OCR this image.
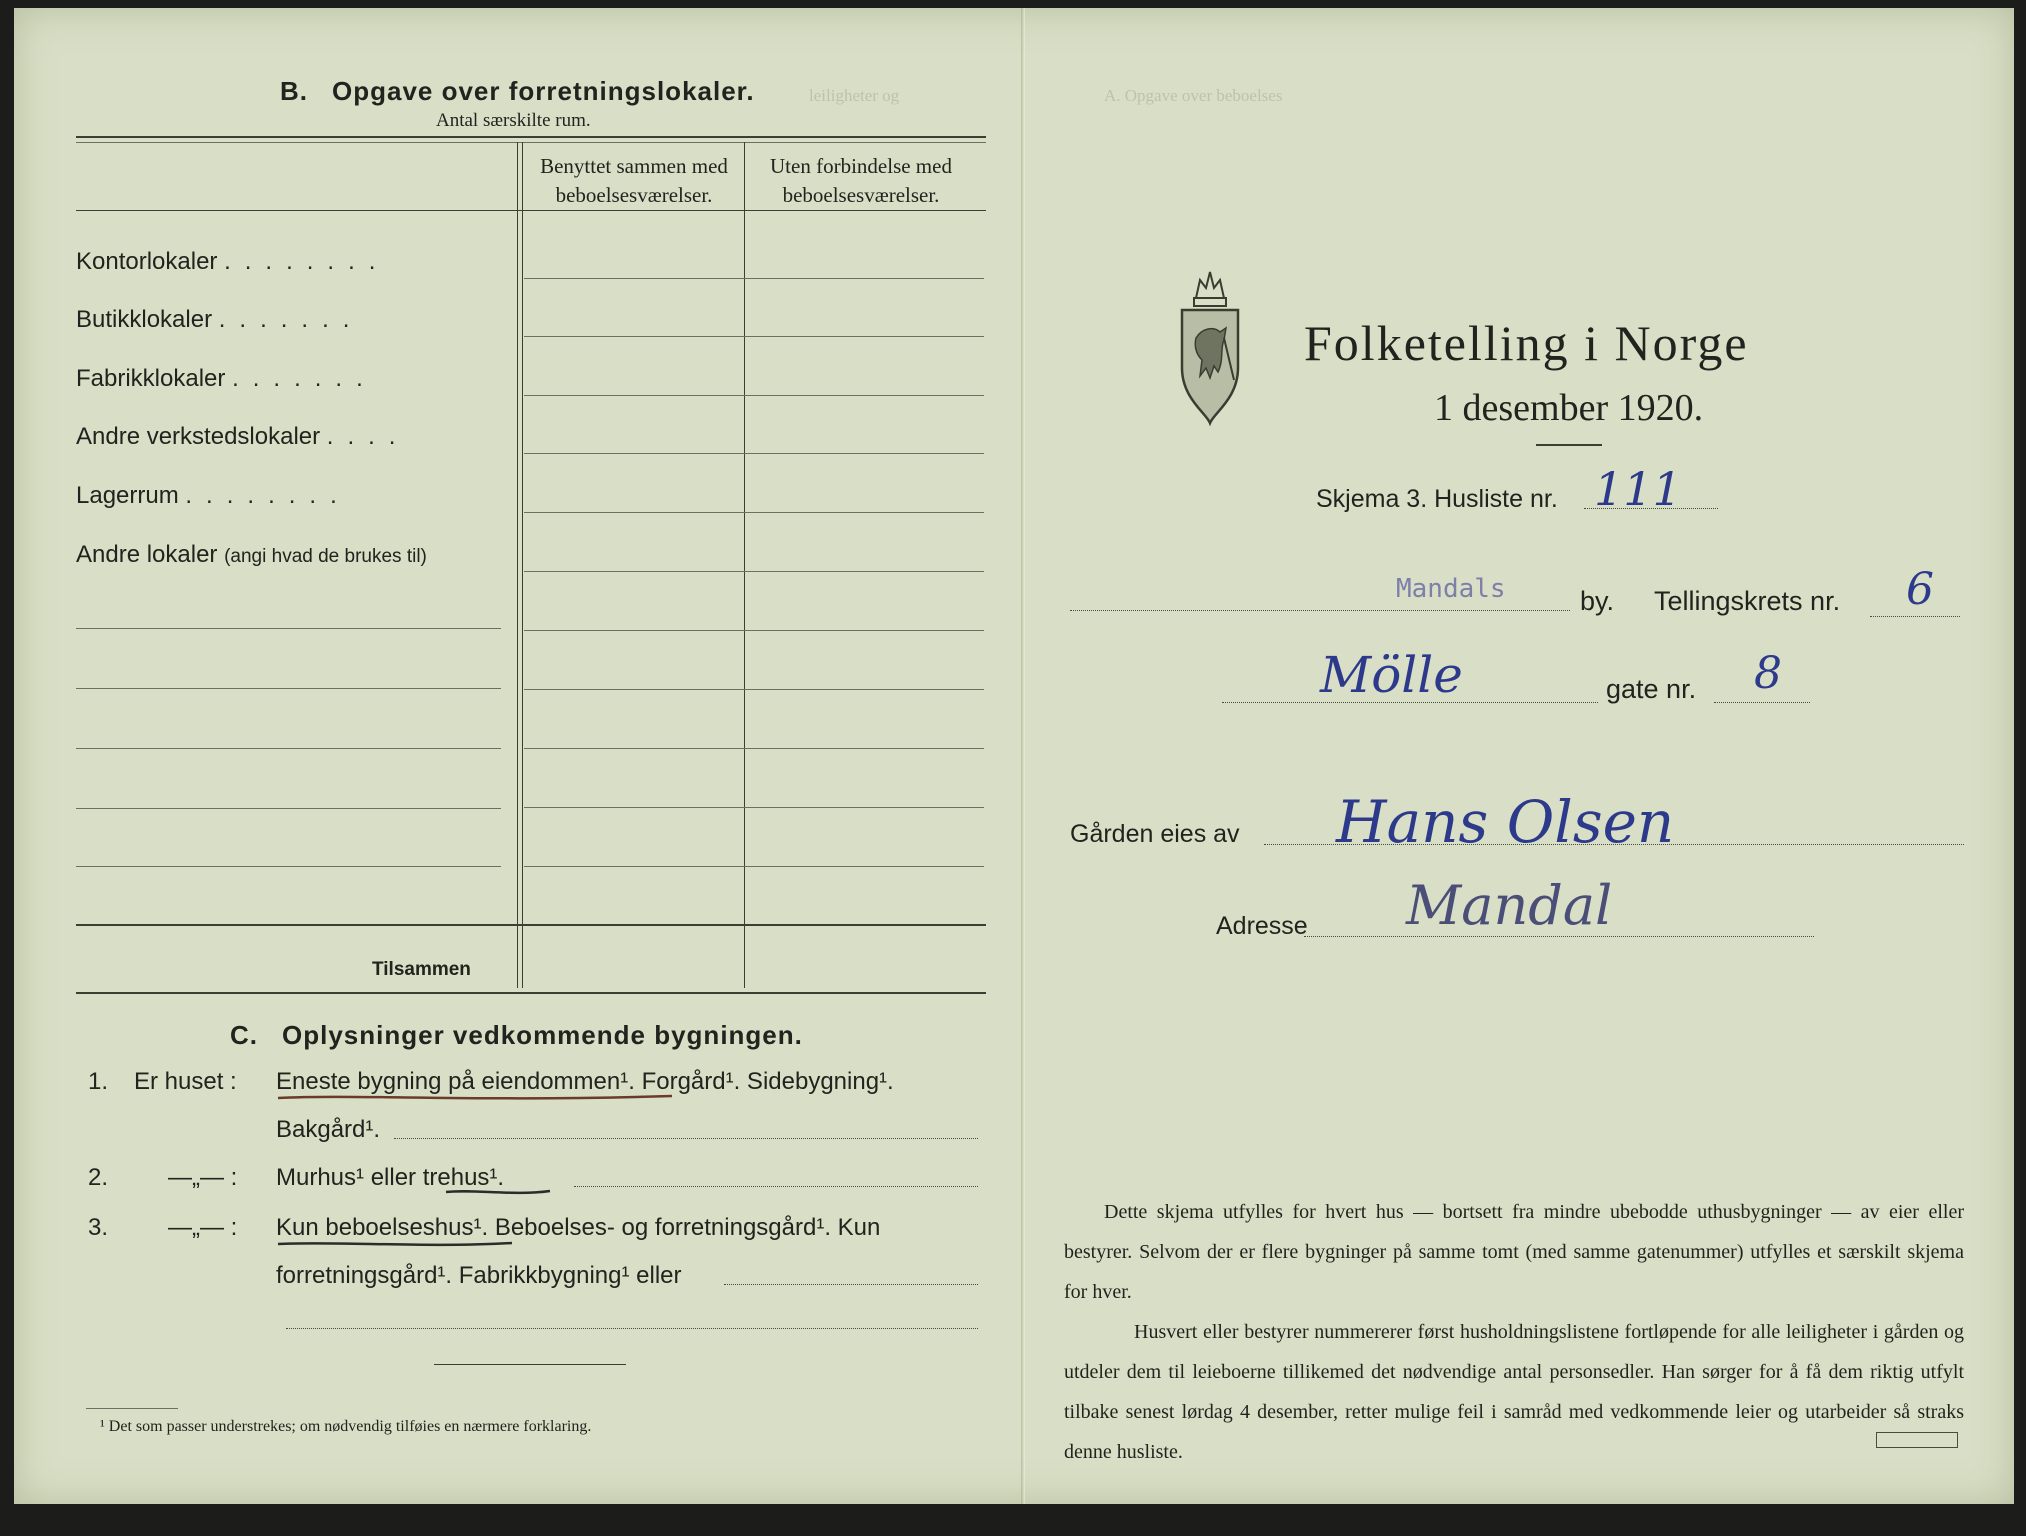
A. Opgave over beboelses
leiligheter og
B. Opgave over forretningslokaler.
Antal særskilte rum.
Benyttet sammen med beboelsesværelser.
Uten forbindelse med beboelsesværelser.
Kontorlokaler ........
Butikklokaler .......
Fabrikklokaler .......
Andre verkstedslokaler ....
Lagerrum ........
Andre lokaler (angi hvad de brukes til)
Tilsammen
C. Oplysninger vedkommende bygningen.
1. Er huset : Eneste bygning på eiendommen¹. Forgård¹. Sidebygning¹.
Bakgård¹.
2. —„— : Murhus¹ eller trehus¹.
3. —„— : Kun beboelseshus¹. Beboelses- og forretningsgård¹. Kun
forretningsgård¹. Fabrikkbygning¹ eller
¹ Det som passer understrekes; om nødvendig tilføies en nærmere forklaring.
Folketelling i Norge
1 desember 1920.
Skjema 3. Husliste nr. 111
Mandals	by. Tellingskrets nr. 6
Mölle	gate nr. 8
Gården eies av Hans Olsen
Adresse Mandal
Dette skjema utfylles for hvert hus — bortsett fra mindre ubebodde uthusbygninger — av eier eller bestyrer. Selvom der er flere bygninger på samme tomt (med samme gatenummer) utfylles et særskilt skjema for hver.
Husvert eller bestyrer nummererer først husholdningslistene fortløpende for alle leiligheter i gården og utdeler dem til leieboerne tillikemed det nødvendige antal personsedler. Han sørger for å få dem riktig utfylt tilbake senest lørdag 4 desember, retter mulige feil i samråd med vedkommende leier og utarbeider så straks denne husliste.
